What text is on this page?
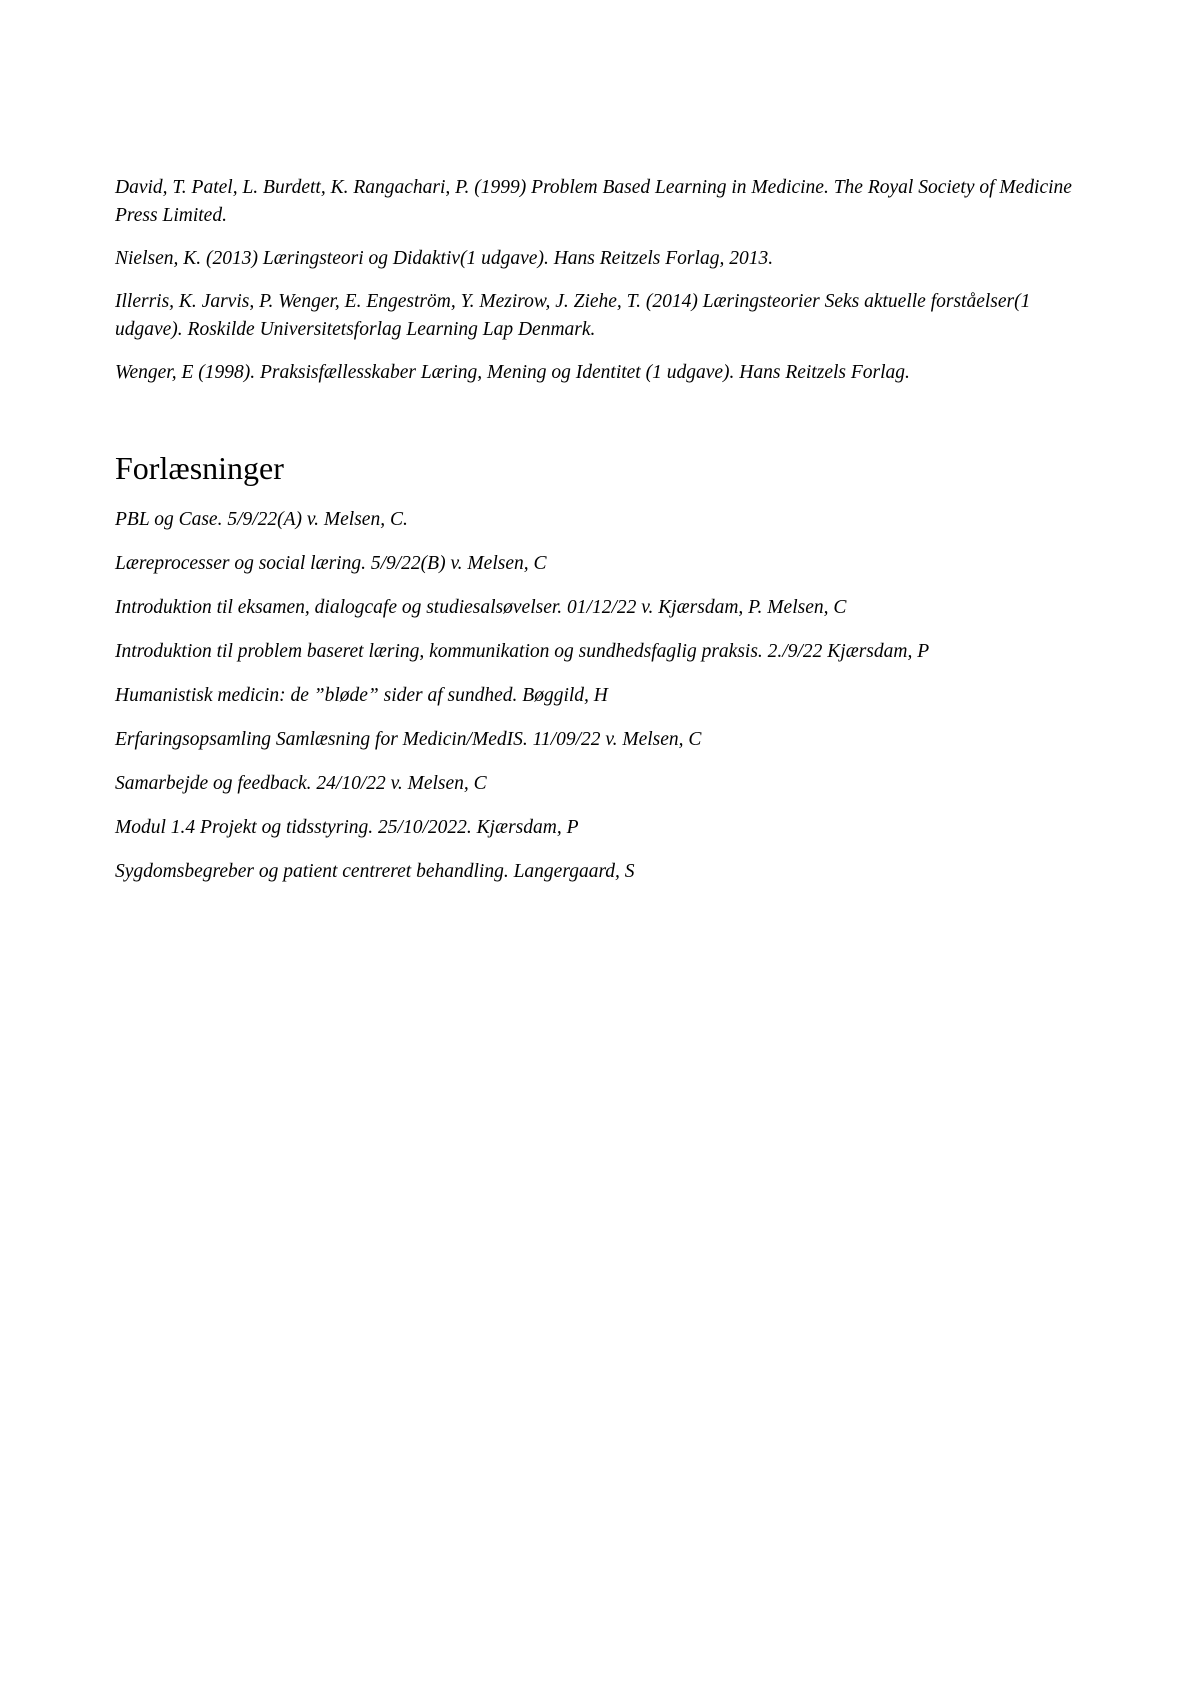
David, T. Patel, L. Burdett, K. Rangachari, P. (1999) Problem Based Learning in Medicine. The Royal Society of Medicine Press Limited.

Nielsen, K. (2013) Læringsteori og Didaktiv(1 udgave). Hans Reitzels Forlag, 2013.

Illerris, K. Jarvis, P. Wenger, E. Engeström, Y. Mezirow, J. Ziehe, T. (2014) Læringsteorier Seks aktuelle forståelser(1 udgave). Roskilde Universitetsforlag Learning Lap Denmark.

Wenger, E (1998). Praksisfællesskaber Læring, Mening og Identitet (1 udgave). Hans Reitzels Forlag.

Forlæsninger

PBL og Case. 5/9/22(A) v. Melsen, C.

Læreprocesser og social læring. 5/9/22(B) v. Melsen, C

Introduktion til eksamen, dialogcafe og studiesalsøvelser. 01/12/22 v. Kjærsdam, P. Melsen, C

Introduktion til problem baseret læring, kommunikation og sundhedsfaglig praksis. 2./9/22 Kjærsdam, P

Humanistisk medicin: de ”bløde” sider af sundhed. Bøggild, H

Erfaringsopsamling Samlæsning for Medicin/MedIS. 11/09/22 v. Melsen, C

Samarbejde og feedback. 24/10/22 v. Melsen, C

Modul 1.4 Projekt og tidsstyring. 25/10/2022. Kjærsdam, P

Sygdomsbegreber og patient centreret behandling. Langergaard, S
